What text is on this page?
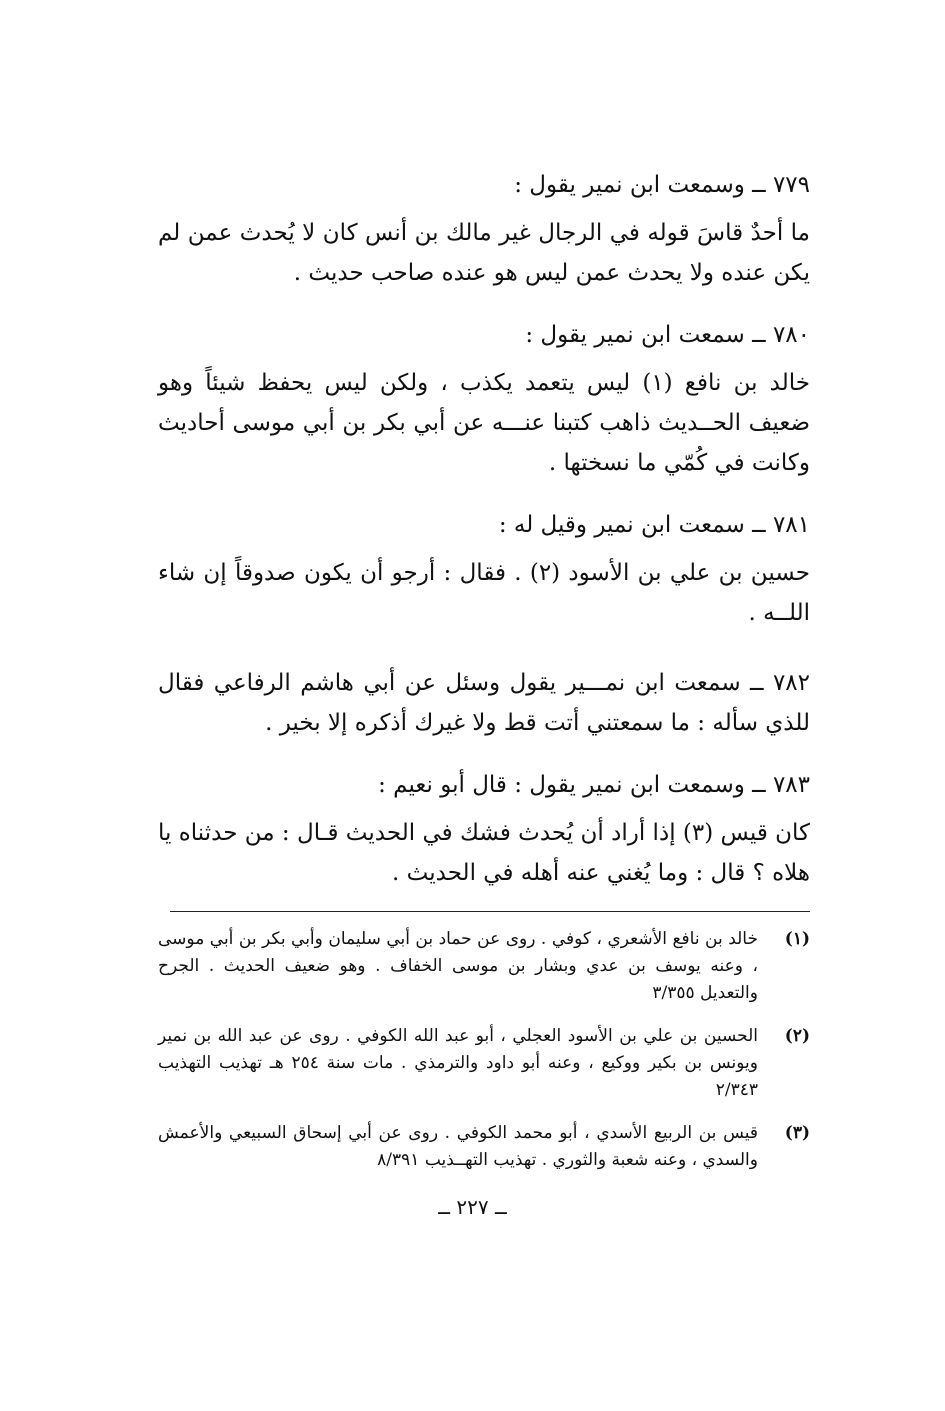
٧٧٩ ــ وسمعت ابن نمير يقول :
ما أحدٌ قاسَ قوله في الرجال غير مالك بن أنس كان لا يُحدث عمن لم يكن عنده ولا يحدث عمن ليس هو عنده صاحب حديث .
٧٨٠ ــ سمعت ابن نمير يقول :
خالد بن نافع (١) ليس يتعمد يكذب ، ولكن ليس يحفظ شيئاً وهو ضعيف الحــديث ذاهب كتبنا عنـــه عن أبي بكر بن أبي موسى أحاديث وكانت في كُمّي ما نسختها .
٧٨١ ــ سمعت ابن نمير وقيل له :
حسين بن علي بن الأسود (٢) . فقال : أرجو أن يكون صدوقاً إن شاء اللــه .
٧٨٢ ــ سمعت ابن نمـــير يقول وسئل عن أبي هاشم الرفاعي فقال للذي سأله : ما سمعتني أتت قط ولا غيرك أذكره إلا بخير .
٧٨٣ ــ وسمعت ابن نمير يقول : قال أبو نعيم :
كان قيس (٣) إذا أراد أن يُحدث فشك في الحديث قـال : من حدثناه يا هلاه ؟ قال : وما يُغني عنه أهله في الحديث .
(١)
خالد بن نافع الأشعري ، كوفي . روى عن حماد بن أبي سليمان وأبي بكر بن أبي موسى ، وعنه يوسف بن عدي وبشار بن موسى الخفاف . وهو ضعيف الحديث . الجرح والتعديل ٣/٣٥٥
(٢)
الحسين بن علي بن الأسود العجلي ، أبو عبد الله الكوفي . روى عن عبد الله بن نمير ويونس بن بكير ووكيع ، وعنه أبو داود والترمذي . مات سنة ٢٥٤ هـ تهذيب التهذيب ٢/٣٤٣
(٣)
قيس بن الربيع الأسدي ، أبو محمد الكوفي . روى عن أبي إسحاق السبيعي والأعمش والسدي ، وعنه شعبة والثوري . تهذيب التهــذيب ٨/٣٩١
ــ ٢٢٧ ــ
